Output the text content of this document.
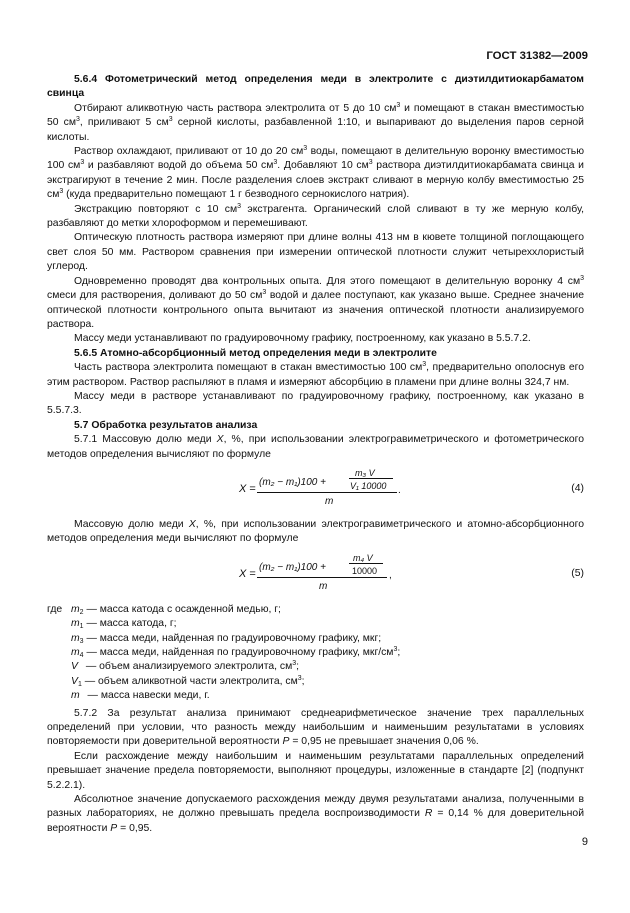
ГОСТ 31382—2009

5.6.4 Фотометрический метод определения меди в электролите с диэтилдитиокарбаматом свинца

Отбирают аликвотную часть раствора электролита от 5 до 10 $см^3$ и помещают в стакан вместимостью 50 $см^3$, приливают 5 $см^3$ серной кислоты, разбавленной 1:10, и выпаривают до выделения паров серной кислоты.

Раствор охлаждают, приливают от 10 до 20 $см^3$ воды, помещают в делительную воронку вместимостью 100 $см^3$ и разбавляют водой до объема 50 $см^3$. Добавляют 10 $см^3$ раствора диэтилдитиокарбамата свинца и экстрагируют в течение 2 мин. После разделения слоев экстракт сливают в мерную колбу вместимостью 25 $см^3$ (куда предварительно помещают 1 г безводного сернокислого натрия).

Экстракцию повторяют с 10 $см^3$ экстрагента. Органический слой сливают в ту же мерную колбу, разбавляют до метки хлороформом и перемешивают.

Оптическую плотность раствора измеряют при длине волны 413 нм в кювете толщиной поглощающего свет слоя 50 мм. Раствором сравнения при измерении оптической плотности служит четыреххлористый углерод.

Одновременно проводят два контрольных опыта. Для этого помещают в делительную воронку 4 $см^3$ смеси для растворения, доливают до 50 $см^3$ водой и далее поступают, как указано выше. Среднее значение оптической плотности контрольного опыта вычитают из значения оптической плотности анализируемого раствора.

Массу меди устанавливают по градуировочному графику, построенному, как указано в 5.5.7.2.

5.6.5 Атомно-абсорбционный метод определения меди в электролите

Часть раствора электролита помещают в стакан вместимостью 100 $см^3$, предварительно ополоснув его этим раствором. Раствор распыляют в пламя и измеряют абсорбцию в пламени при длине волны 324,7 нм.

Массу меди в растворе устанавливают по градуировочному графику, построенному, как указано в 5.5.7.3.

5.7 Обработка результатов анализа

5.7.1 Массовую долю меди X, %, при использовании электрогравиметрического и фотометрического методов определения вычисляют по формуле

X =
(m₂ − m₁)100 +
m₃ V
V₁ 10000
m
.	(4)

Массовую долю меди X, %, при использовании электрогравиметрического и атомно-абсорбционного методов определения меди вычисляют по формуле

X =
(m₂ − m₁)100 +
m₄ V
10000
m
,	(5)
где $m_2$ — масса катода с осажденной медью, г;
$m_1$ — масса катода, г;
$m_3$ — масса меди, найденная по градуировочному графику, мкг;
$m_4$ — масса меди, найденная по градуировочному графику, мкг/$см^3$;
V — объем анализируемого электролита, $см^3$;
$V_1$ — объем аликвотной части электролита, $см^3$;
m — масса навески меди, г.

5.7.2 За результат анализа принимают среднеарифметическое значение трех параллельных определений при условии, что разность между наибольшим и наименьшим результатами в условиях повторяемости при доверительной вероятности P = 0,95 не превышает значения 0,06 %.

Если расхождение между наибольшим и наименьшим результатами параллельных определений превышает значение предела повторяемости, выполняют процедуры, изложенные в стандарте [2] (подпункт 5.2.2.1).

Абсолютное значение допускаемого расхождения между двумя результатами анализа, полученными в разных лабораториях, не должно превышать предела воспроизводимости R = 0,14 % для доверительной вероятности P = 0,95.

9
